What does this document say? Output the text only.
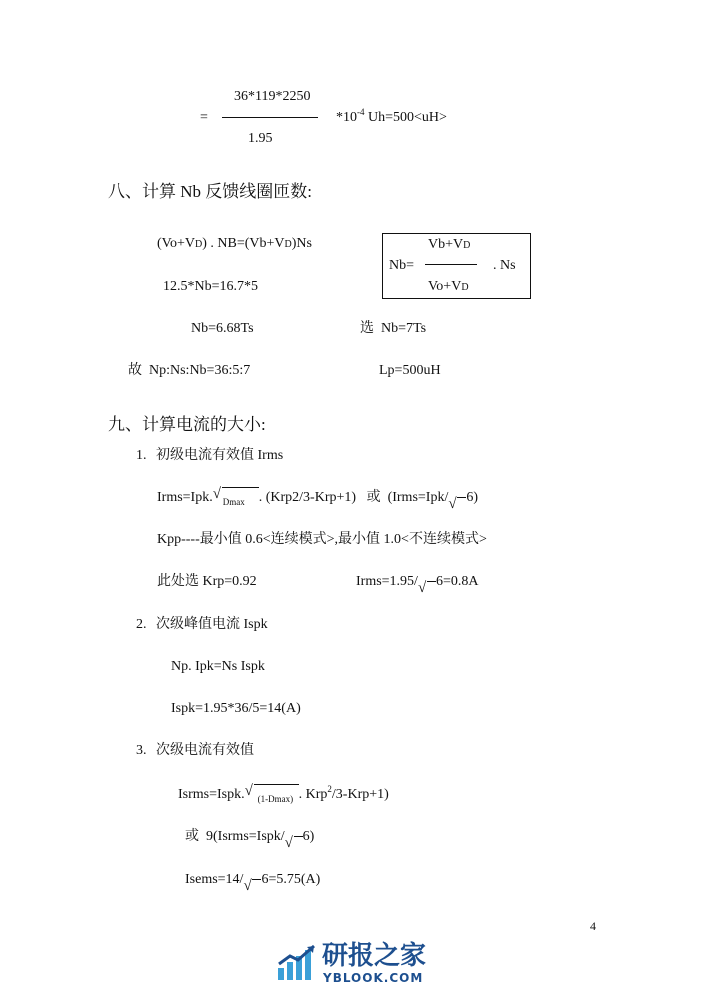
=
36*119*2250
1.95
$*10^{-4}$ Uh=500<uH>
八、计算 Nb 反馈线圈匝数:
(Vo+VD) . NB=(Vb+VD)Ns
Nb=
Vb+VD
Vo+VD
. Ns
12.5*Nb=16.7*5
Nb=6.68Ts	选 Nb=7Ts
故 Np:Ns:Nb=36:5:7	Lp=500uH
九、计算电流的大小:
1. 初级电流有效值 Irms
Irms=Ipk. √ $_{Dmax}$ . (Krp2/3-Krp+1) 或 (Irms=Ipk/ √ 6)
Kpp----最小值 0.6<连续模式>,最小值 1.0<不连续模式>
此处选 Krp=0.92	Irms=1.95/ √ 6=0.8A
2. 次级峰值电流 Ispk
Np. Ipk=Ns Ispk
Ispk=1.95*36/5=14(A)
3. 次级电流有效值
Isrms=Ispk. √ $_{(1-Dmax)}$ . Krp$^2$/3-Krp+1)
或 9(Isrms=Ispk/ √ 6)
Isems=14/ √ 6=5.75(A)
4
研报之家
YBLOOK.COM
